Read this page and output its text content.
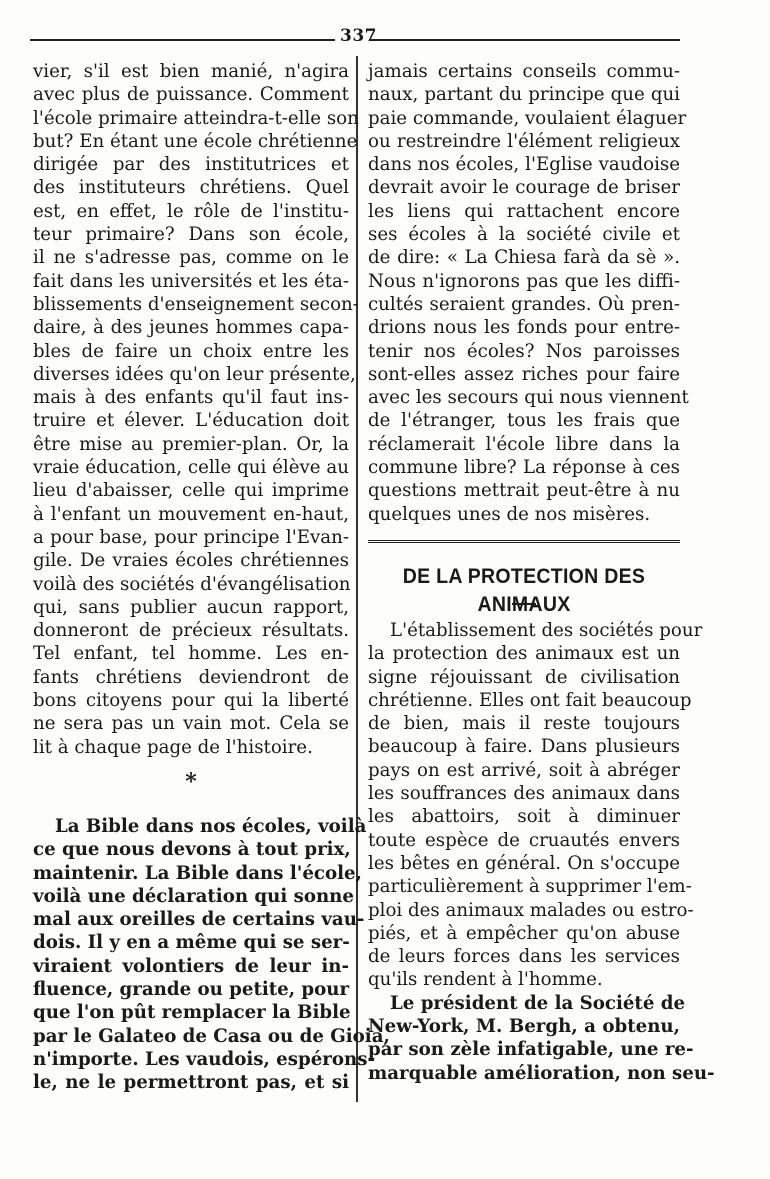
337

vier, s'il est bien manié, n'agira
avec plus de puissance. Comment
l'école primaire atteindra-t-elle son
but? En étant une école chrétienne
dirigée par des institutrices et
des instituteurs chrétiens. Quel
est, en effet, le rôle de l'institu-
teur primaire? Dans son école,
il ne s'adresse pas, comme on le
fait dans les universités et les éta-
blissements d'enseignement secon-
daire, à des jeunes hommes capa-
bles de faire un choix entre les
diverses idées qu'on leur présente,
mais à des enfants qu'il faut ins-
truire et élever. L'éducation doit
être mise au premier-plan. Or, la
vraie éducation, celle qui élève au
lieu d'abaisser, celle qui imprime
à l'enfant un mouvement en-haut,
a pour base, pour principe l'Evan-
gile. De vraies écoles chrétiennes
voilà des sociétés d'évangélisation
qui, sans publier aucun rapport,
donneront de précieux résultats.
Tel enfant, tel homme. Les en-
fants chrétiens deviendront de
bons citoyens pour qui la liberté
ne sera pas un vain mot. Cela se
lit à chaque page de l'histoire.

*

La Bible dans nos écoles, voilà
ce que nous devons à tout prix,
maintenir. La Bible dans l'école,
voilà une déclaration qui sonne
mal aux oreilles de certains vau-
dois. Il y en a même qui se ser-
viraient volontiers de leur in-
fluence, grande ou petite, pour
que l'on pût remplacer la Bible
par le Galateo de Casa ou de Gioia,
n'importe. Les vaudois, espérons-
le, ne le permettront pas, et si

jamais certains conseils commu-
naux, partant du principe que qui
paie commande, voulaient élaguer
ou restreindre l'élément religieux
dans nos écoles, l'Eglise vaudoise
devrait avoir le courage de briser
les liens qui rattachent encore
ses écoles à la société civile et
de dire: « La Chiesa farà da sè ».
Nous n'ignorons pas que les diffi-
cultés seraient grandes. Où pren-
drions nous les fonds pour entre-
tenir nos écoles? Nos paroisses
sont-elles assez riches pour faire
avec les secours qui nous viennent
de l'étranger, tous les frais que
réclamerait l'école libre dans la
commune libre? La réponse à ces
questions mettrait peut-être à nu
quelques unes de nos misères.

DE LA PROTECTION DES ANIMAUX

L'établissement des sociétés pour
la protection des animaux est un
signe réjouissant de civilisation
chrétienne. Elles ont fait beaucoup
de bien, mais il reste toujours
beaucoup à faire. Dans plusieurs
pays on est arrivé, soit à abréger
les souffrances des animaux dans
les abattoirs, soit à diminuer
toute espèce de cruautés envers
les bêtes en général. On s'occupe
particulièrement à supprimer l'em-
ploi des animaux malades ou estro-
piés, et à empêcher qu'on abuse
de leurs forces dans les services
qu'ils rendent à l'homme.

Le président de la Société de
New-York, M. Bergh, a obtenu,
par son zèle infatigable, une re-
marquable amélioration, non seu-
